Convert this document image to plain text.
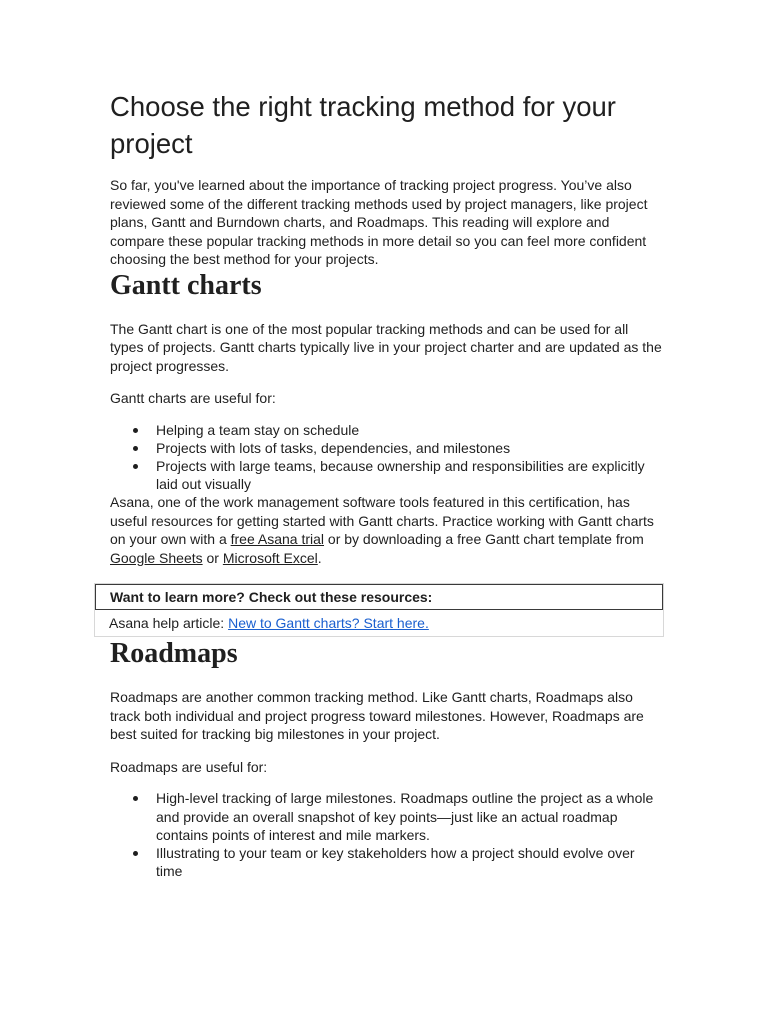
Choose the right tracking method for your project

So far, you've learned about the importance of tracking project progress. You’ve also reviewed some of the different tracking methods used by project managers, like project plans, Gantt and Burndown charts, and Roadmaps. This reading will explore and compare these popular tracking methods in more detail so you can feel more confident choosing the best method for your projects.

Gantt charts

The Gantt chart is one of the most popular tracking methods and can be used for all types of projects. Gantt charts typically live in your project charter and are updated as the project progresses.

Gantt charts are useful for:

Helping a team stay on schedule
Projects with lots of tasks, dependencies, and milestones
Projects with large teams, because ownership and responsibilities are explicitly laid out visually

Asana, one of the work management software tools featured in this certification, has useful resources for getting started with Gantt charts. Practice working with Gantt charts on your own with a free Asana trial or by downloading a free Gantt chart template from Google Sheets or Microsoft Excel.

Want to learn more? Check out these resources:
Asana help article: New to Gantt charts? Start here.
Roadmaps

Roadmaps are another common tracking method. Like Gantt charts, Roadmaps also track both individual and project progress toward milestones. However, Roadmaps are best suited for tracking big milestones in your project.

Roadmaps are useful for:

High-level tracking of large milestones. Roadmaps outline the project as a whole and provide an overall snapshot of key points—just like an actual roadmap contains points of interest and mile markers.
Illustrating to your team or key stakeholders how a project should evolve over time
